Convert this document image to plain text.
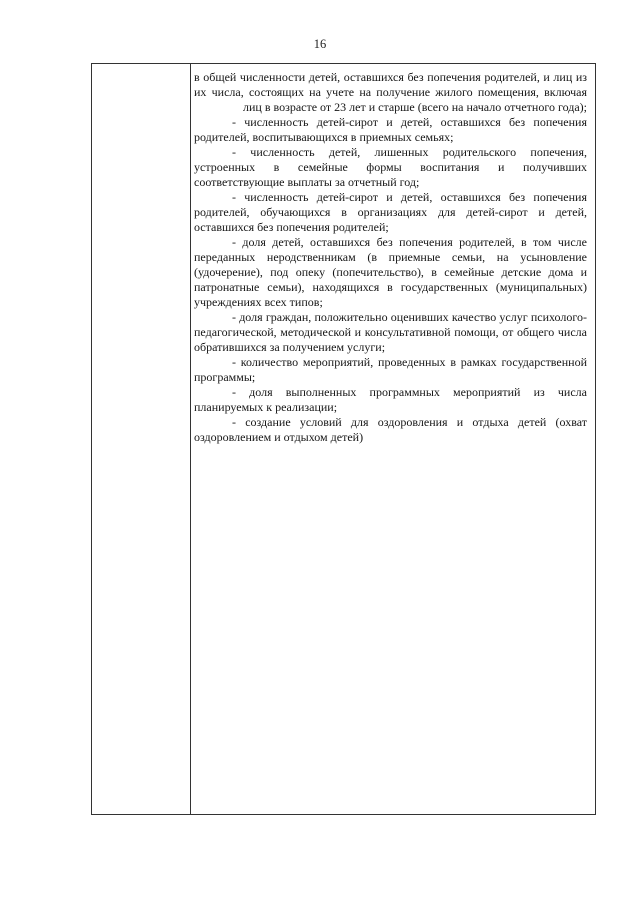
16

в общей численности детей, оставшихся без попечения родителей, и лиц из их числа, состоящих на учете на получение жилого помещения, включая лиц в возрасте от 23 лет и старше (всего на начало отчетного года);

- численность детей-сирот и детей, оставшихся без попечения родителей, воспитывающихся в приемных семьях;

- численность детей, лишенных родительского попечения, устроенных в семейные формы воспитания и получивших соответствующие выплаты за отчетный год;

- численность детей-сирот и детей, оставшихся без попечения родителей, обучающихся в организациях для детей-сирот и детей, оставшихся без попечения родителей;

- доля детей, оставшихся без попечения родителей, в том числе переданных неродственникам (в приемные семьи, на усыновление (удочерение), под опеку (попечительство), в семейные детские дома и патронатные семьи), находящихся в государственных (муниципальных) учреждениях всех типов;

- доля граждан, положительно оценивших качество услуг психолого-педагогической, методической и консультативной помощи, от общего числа обратившихся за получением услуги;

- количество мероприятий, проведенных в рамках государственной программы;

- доля выполненных программных мероприятий из числа планируемых к реализации;

- создание условий для оздоровления и отдыха детей (охват оздоровлением и отдыхом детей)
